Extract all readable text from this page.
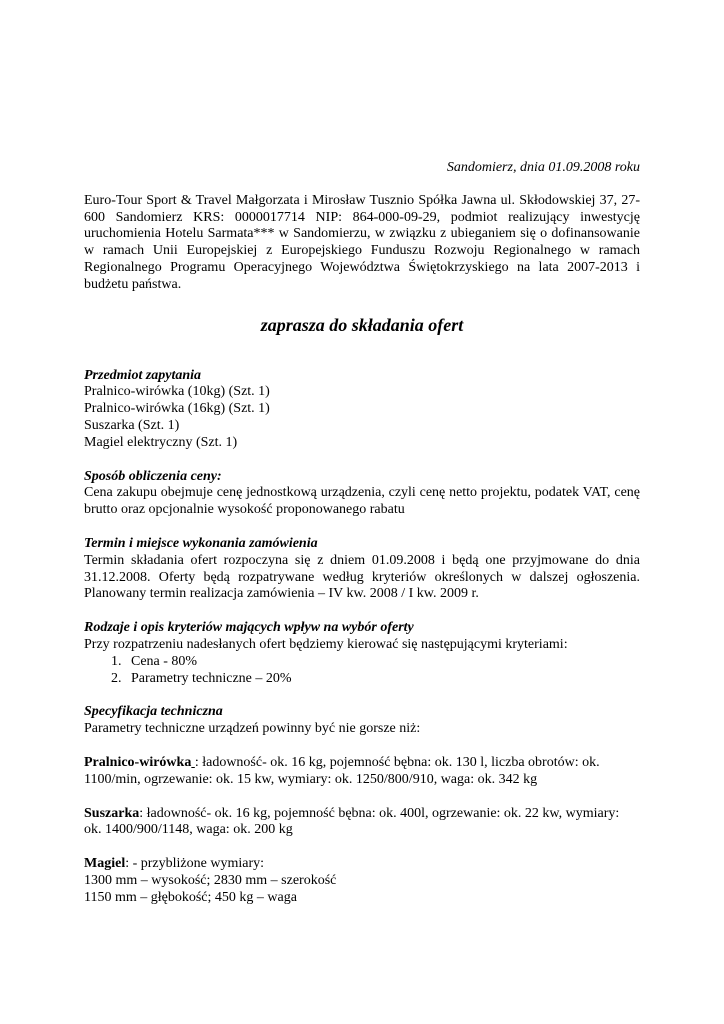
Sandomierz, dnia 01.09.2008 roku

Euro-Tour Sport & Travel Małgorzata i Mirosław Tusznio Spółka Jawna ul. Skłodowskiej 37, 27-600 Sandomierz KRS: 0000017714 NIP: 864-000-09-29, podmiot realizujący inwestycję uruchomienia Hotelu Sarmata*** w Sandomierzu, w związku z ubieganiem się o dofinansowanie w ramach Unii Europejskiej z Europejskiego Funduszu Rozwoju Regionalnego w ramach Regionalnego Programu Operacyjnego Województwa Świętokrzyskiego na lata 2007-2013 i budżetu państwa.

zaprasza do składania ofert

Przedmiot zapytania

Pralnico-wirówka (10kg) (Szt. 1)

Pralnico-wirówka (16kg) (Szt. 1)

Suszarka (Szt. 1)

Magiel elektryczny (Szt. 1)

Sposób obliczenia ceny:

Cena zakupu obejmuje cenę jednostkową urządzenia, czyli cenę netto projektu, podatek VAT, cenę brutto oraz opcjonalnie wysokość proponowanego rabatu

Termin i miejsce wykonania zamówienia

Termin składania ofert rozpoczyna się z dniem 01.09.2008 i będą one przyjmowane do dnia 31.12.2008. Oferty będą rozpatrywane według kryteriów określonych w dalszej ogłoszenia. Planowany termin realizacja zamówienia – IV kw. 2008 / I kw. 2009 r.

Rodzaje i opis kryteriów mających wpływ na wybór oferty

Przy rozpatrzeniu nadesłanych ofert będziemy kierować się następującymi kryteriami:

1. Cena - 80%
2. Parametry techniczne – 20%

Specyfikacja techniczna

Parametry techniczne urządzeń powinny być nie gorsze niż:

Pralnico-wirówka : ładowność- ok. 16 kg, pojemność bębna: ok. 130 l, liczba obrotów: ok. 1100/min, ogrzewanie: ok. 15 kw, wymiary: ok. 1250/800/910, waga: ok. 342 kg

Suszarka: ładowność- ok. 16 kg, pojemność bębna: ok. 400l, ogrzewanie: ok. 22 kw, wymiary: ok. 1400/900/1148, waga: ok. 200 kg

Magiel: - przybliżone wymiary:

1300 mm – wysokość; 2830 mm – szerokość

1150 mm – głębokość; 450 kg – waga
